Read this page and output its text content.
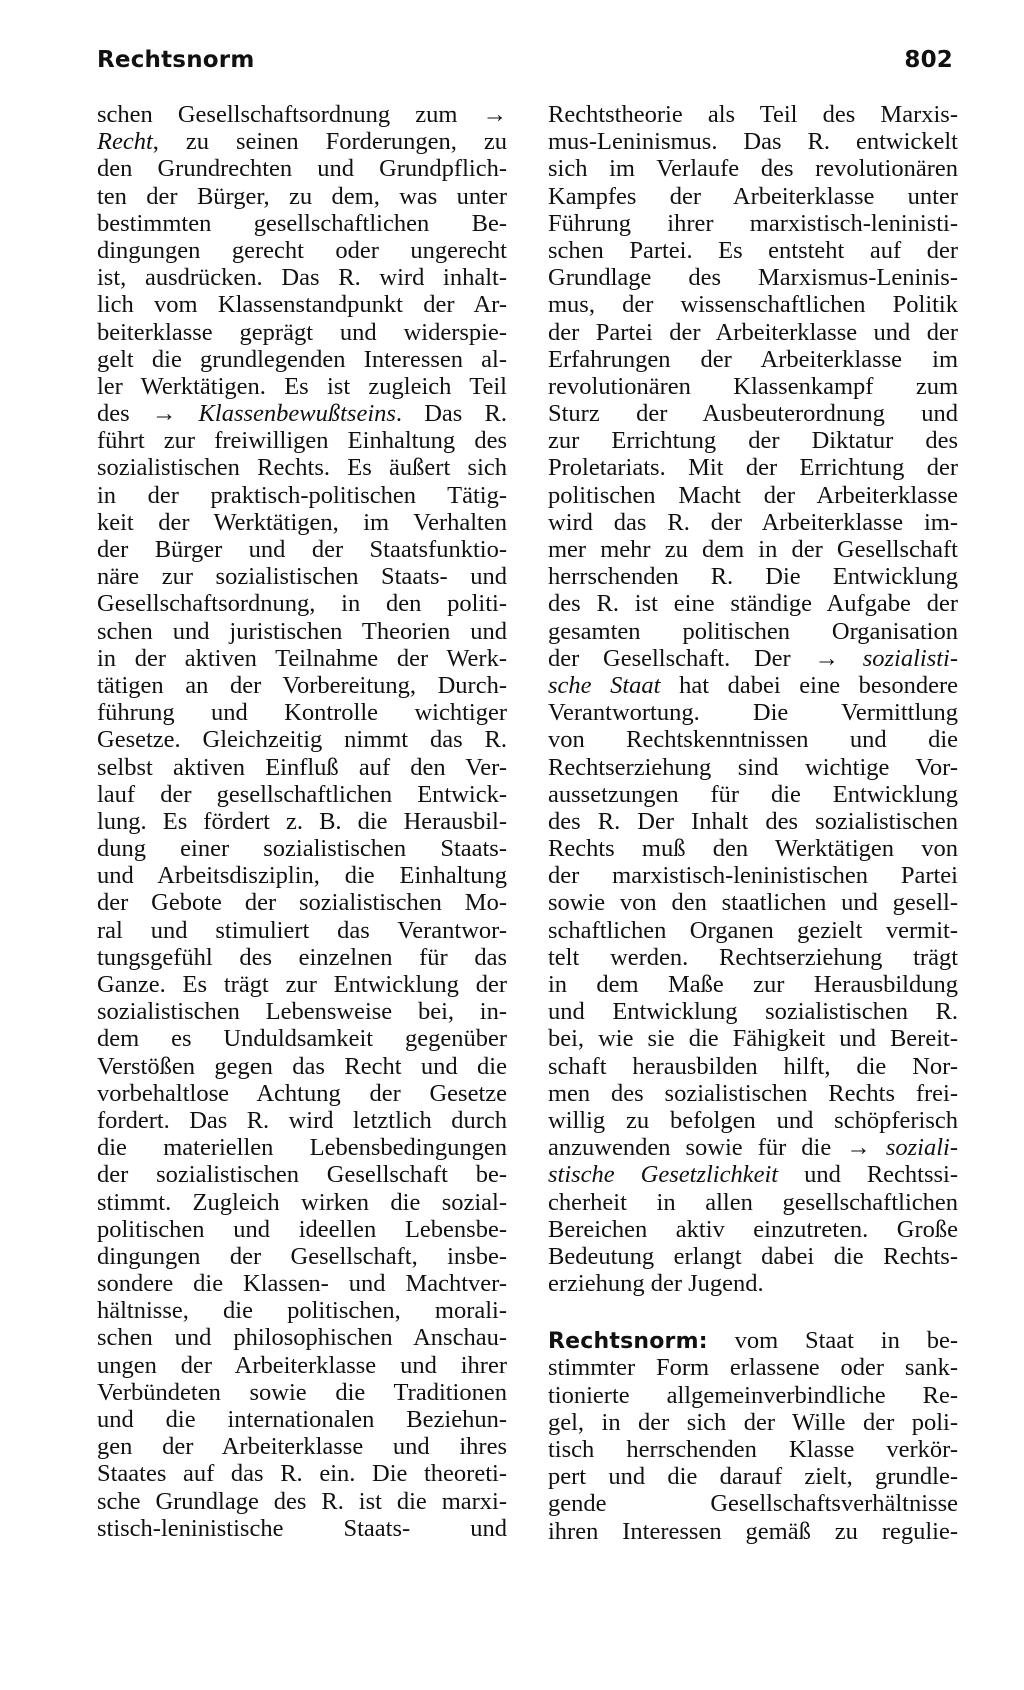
Rechtsnorm	802
schen Gesellschaftsordnung zum →
Recht, zu seinen Forderungen, zu
den Grundrechten und Grundpflich-
ten der Bürger, zu dem, was unter
bestimmten gesellschaftlichen Be-
dingungen gerecht oder ungerecht
ist, ausdrücken. Das R. wird inhalt-
lich vom Klassenstandpunkt der Ar-
beiterklasse geprägt und widerspie-
gelt die grundlegenden Interessen al-
ler Werktätigen. Es ist zugleich Teil
des → Klassenbewußtseins. Das R.
führt zur freiwilligen Einhaltung des
sozialistischen Rechts. Es äußert sich
in der praktisch-politischen Tätig-
keit der Werktätigen, im Verhalten
der Bürger und der Staatsfunktio-
näre zur sozialistischen Staats- und
Gesellschaftsordnung, in den politi-
schen und juristischen Theorien und
in der aktiven Teilnahme der Werk-
tätigen an der Vorbereitung, Durch-
führung und Kontrolle wichtiger
Gesetze. Gleichzeitig nimmt das R.
selbst aktiven Einfluß auf den Ver-
lauf der gesellschaftlichen Entwick-
lung. Es fördert z. B. die Herausbil-
dung einer sozialistischen Staats-
und Arbeitsdisziplin, die Einhaltung
der Gebote der sozialistischen Mo-
ral und stimuliert das Verantwor-
tungsgefühl des einzelnen für das
Ganze. Es trägt zur Entwicklung der
sozialistischen Lebensweise bei, in-
dem es Unduldsamkeit gegenüber
Verstößen gegen das Recht und die
vorbehaltlose Achtung der Gesetze
fordert. Das R. wird letztlich durch
die materiellen Lebensbedingungen
der sozialistischen Gesellschaft be-
stimmt. Zugleich wirken die sozial-
politischen und ideellen Lebensbe-
dingungen der Gesellschaft, insbe-
sondere die Klassen- und Machtver-
hältnisse, die politischen, morali-
schen und philosophischen Anschau-
ungen der Arbeiterklasse und ihrer
Verbündeten sowie die Traditionen
und die internationalen Beziehun-
gen der Arbeiterklasse und ihres
Staates auf das R. ein. Die theoreti-
sche Grundlage des R. ist die marxi-
stisch-leninistische Staats- und
Rechtstheorie als Teil des Marxis-
mus-Leninismus. Das R. entwickelt
sich im Verlaufe des revolutionären
Kampfes der Arbeiterklasse unter
Führung ihrer marxistisch-leninisti-
schen Partei. Es entsteht auf der
Grundlage des Marxismus-Leninis-
mus, der wissenschaftlichen Politik
der Partei der Arbeiterklasse und der
Erfahrungen der Arbeiterklasse im
revolutionären Klassenkampf zum
Sturz der Ausbeuterordnung und
zur Errichtung der Diktatur des
Proletariats. Mit der Errichtung der
politischen Macht der Arbeiterklasse
wird das R. der Arbeiterklasse im-
mer mehr zu dem in der Gesellschaft
herrschenden R. Die Entwicklung
des R. ist eine ständige Aufgabe der
gesamten politischen Organisation
der Gesellschaft. Der → sozialisti-
sche Staat hat dabei eine besondere
Verantwortung. Die Vermittlung
von Rechtskenntnissen und die
Rechtserziehung sind wichtige Vor-
aussetzungen für die Entwicklung
des R. Der Inhalt des sozialistischen
Rechts muß den Werktätigen von
der marxistisch-leninistischen Partei
sowie von den staatlichen und gesell-
schaftlichen Organen gezielt vermit-
telt werden. Rechtserziehung trägt
in dem Maße zur Herausbildung
und Entwicklung sozialistischen R.
bei, wie sie die Fähigkeit und Bereit-
schaft herausbilden hilft, die Nor-
men des sozialistischen Rechts frei-
willig zu befolgen und schöpferisch
anzuwenden sowie für die → soziali-
stische Gesetzlichkeit und Rechtssi-
cherheit in allen gesellschaftlichen
Bereichen aktiv einzutreten. Große
Bedeutung erlangt dabei die Rechts-
erziehung der Jugend.
Rechtsnorm: vom Staat in be-
stimmter Form erlassene oder sank-
tionierte allgemeinverbindliche Re-
gel, in der sich der Wille der poli-
tisch herrschenden Klasse verkör-
pert und die darauf zielt, grundle-
gende Gesellschaftsverhältnisse
ihren Interessen gemäß zu regulie-
